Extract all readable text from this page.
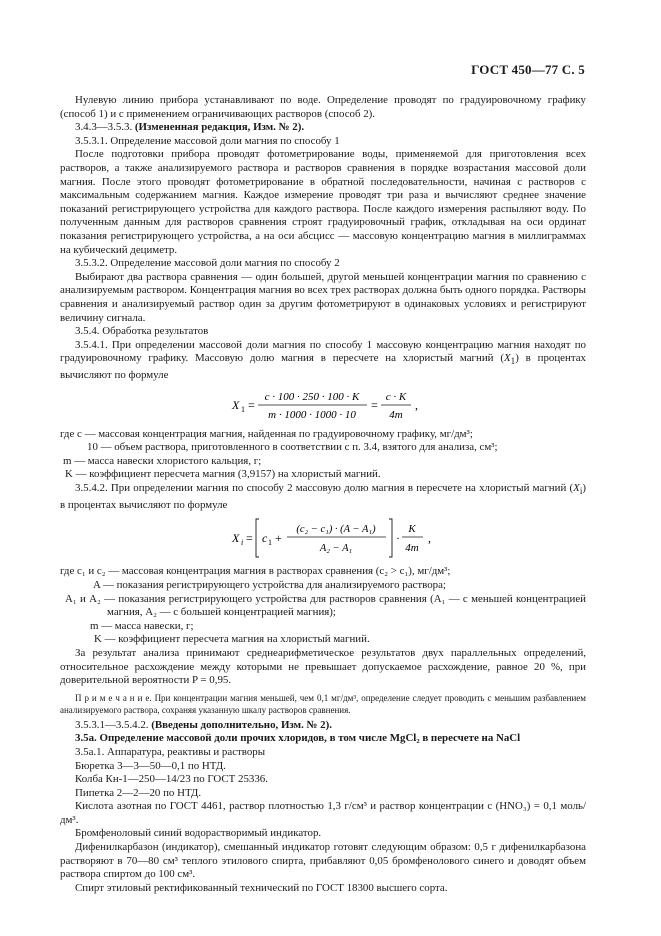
ГОСТ 450—77 С. 5

Нулевую линию прибора устанавливают по воде. Определение проводят по градуировочному графику (способ 1) и с применением ограничивающих растворов (способ 2).

3.4.3—3.5.3. (Измененная редакция, Изм. № 2).

3.5.3.1. Определение массовой доли магния по способу 1

После подготовки прибора проводят фотометрирование воды, применяемой для приготовления всех растворов, а также анализируемого раствора и растворов сравнения в порядке возрастания массовой доли магния. После этого проводят фотометрирование в обратной последовательности, начиная с растворов с максимальным содержанием магния. Каждое измерение проводят три раза и вычисляют среднее значение показаний регистрирующего устройства для каждого раствора. После каждого измерения распыляют воду. По полученным данным для растворов сравнения строят градуировочный график, откладывая на оси ординат показания регистрирующего устройства, а на оси абсцисс — массовую концентрацию магния в миллиграммах на кубический дециметр.

3.5.3.2. Определение массовой доли магния по способу 2

Выбирают два раствора сравнения — один большей, другой меньшей концентрации магния по сравнению с анализируемым раствором. Концентрация магния во всех трех растворах должна быть одного порядка. Растворы сравнения и анализируемый раствор один за другим фотометрируют в одинаковых условиях и регистрируют величину сигнала.

3.5.4. Обработка результатов

3.5.4.1. При определении массовой доли магния по способу 1 массовую концентрацию магния находят по градуировочному графику. Массовую долю магния в пересчете на хлористый магний $(X_1)$ в процентах вычисляют по формуле

X 1 =
c · 100 · 250 · 100 · K
m · 1000 · 1000 · 10
=
c · K
4m
,

где c — массовая концентрация магния, найденная по градуировочному графику, мг/дм³;

10 — объем раствора, приготовленного в соответствии с п. 3.4, взятого для анализа, см³;

m — масса навески хлористого кальция, г;

K — коэффициент пересчета магния (3,9157) на хлористый магний.

3.5.4.2. При определении магния по способу 2 массовую долю магния в пересчете на хлористый магний $(X_i)$ в процентах вычисляют по формуле

X i = c 1 +
(c₂ − c₁) · (A − A₁)
A₂ − A₁
·
K
4m
,

где c₁ и c₂ — массовая концентрация магния в растворах сравнения (c₂ > c₁), мг/дм³;

A — показания регистрирующего устройства для анализируемого раствора;

A₁ и A₂ — показания регистрирующего устройства для растворов сравнения (A₁ — с меньшей концентрацией магния, A₂ — с большей концентрацией магния);

m — масса навески, г;

K — коэффициент пересчета магния на хлористый магний.

За результат анализа принимают среднеарифметическое результатов двух параллельных определений, относительное расхождение между которыми не превышает допускаемое расхождение, равное 20 %, при доверительной вероятности P = 0,95.

П р и м е ч а н и е. При концентрации магния меньшей, чем 0,1 мг/дм³, определение следует проводить с меньшим разбавлением анализируемого раствора, сохраняя указанную шкалу растворов сравнения.

3.5.3.1—3.5.4.2. (Введены дополнительно, Изм. № 2).

3.5а. Определение массовой доли прочих хлоридов, в том числе MgCl₂ в пересчете на NaCl

3.5а.1. Аппаратура, реактивы и растворы

Бюретка 3—3—50—0,1 по НТД.

Колба Кн-1—250—14/23 по ГОСТ 25336.

Пипетка 2—2—20 по НТД.

Кислота азотная по ГОСТ 4461, раствор плотностью 1,3 г/см³ и раствор концентрации c (HNO₃) = 0,1 моль/дм³.

Бромфеноловый синий водорастворимый индикатор.

Дифенилкарбазон (индикатор), смешанный индикатор готовят следующим образом: 0,5 г дифенилкарбазона растворяют в 70—80 см³ теплого этилового спирта, прибавляют 0,05 бромфенолового синего и доводят объем раствора спиртом до 100 см³.

Спирт этиловый ректификованный технический по ГОСТ 18300 высшего сорта.
